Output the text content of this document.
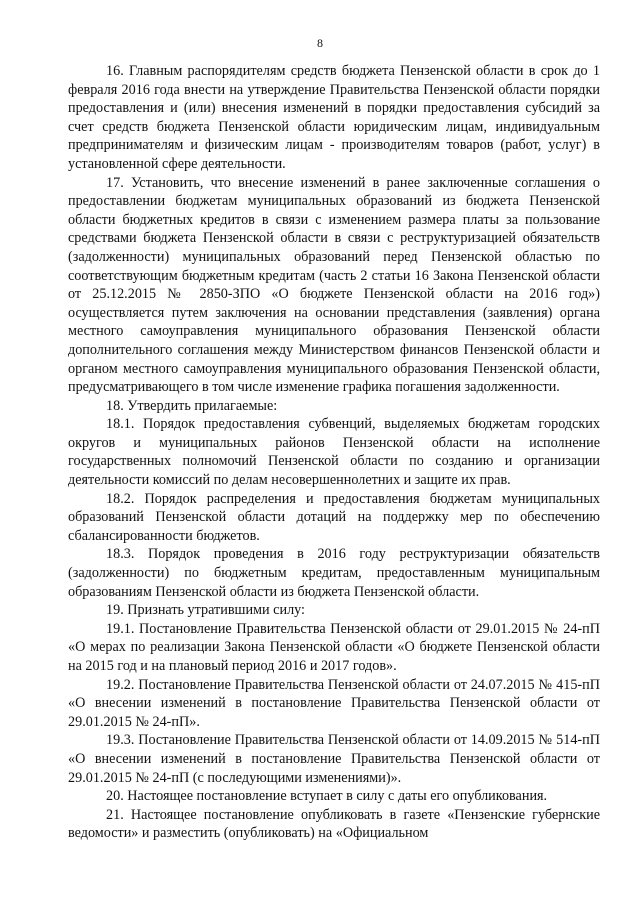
8

16. Главным распорядителям средств бюджета Пензенской области в срок до 1 февраля 2016 года внести на утверждение Правительства Пензенской области порядки предоставления и (или) внесения изменений в порядки предоставления субсидий за счет средств бюджета Пензенской области юридическим лицам, индивидуальным предпринимателям и физическим лицам - производителям товаров (работ, услуг) в установленной сфере деятельности.

17. Установить, что внесение изменений в ранее заключенные соглашения о предоставлении бюджетам муниципальных образований из бюджета Пензенской области бюджетных кредитов в связи с изменением размера платы за пользование средствами бюджета Пензенской области в связи с реструктуризацией обязательств (задолженности) муниципальных образований перед Пензенской областью по соответствующим бюджетным кредитам (часть 2 статьи 16 Закона Пензенской области от 25.12.2015 № 2850-ЗПО «О бюджете Пензенской области на 2016 год») осуществляется путем заключения на основании представления (заявления) органа местного самоуправления муниципального образования Пензенской области дополнительного соглашения между Министерством финансов Пензенской области и органом местного самоуправления муниципального образования Пензенской области, предусматривающего в том числе изменение графика погашения задолженности.

18. Утвердить прилагаемые:

18.1. Порядок предоставления субвенций, выделяемых бюджетам городских округов и муниципальных районов Пензенской области на исполнение государственных полномочий Пензенской области по созданию и организации деятельности комиссий по делам несовершеннолетних и защите их прав.

18.2. Порядок распределения и предоставления бюджетам муниципальных образований Пензенской области дотаций на поддержку мер по обеспечению сбалансированности бюджетов.

18.3. Порядок проведения в 2016 году реструктуризации обязательств (задолженности) по бюджетным кредитам, предоставленным муниципальным образованиям Пензенской области из бюджета Пензенской области.

19. Признать утратившими силу:

19.1. Постановление Правительства Пензенской области от 29.01.2015 № 24-пП «О мерах по реализации Закона Пензенской области «О бюджете Пензенской области на 2015 год и на плановый период 2016 и 2017 годов».

19.2. Постановление Правительства Пензенской области от 24.07.2015 № 415-пП «О внесении изменений в постановление Правительства Пензенской области от 29.01.2015 № 24-пП».

19.3. Постановление Правительства Пензенской области от 14.09.2015 № 514-пП «О внесении изменений в постановление Правительства Пензенской области от 29.01.2015 № 24-пП (с последующими изменениями)».

20. Настоящее постановление вступает в силу с даты его опубликования.

21. Настоящее постановление опубликовать в газете «Пензенские губернские ведомости» и разместить (опубликовать) на «Официальном
